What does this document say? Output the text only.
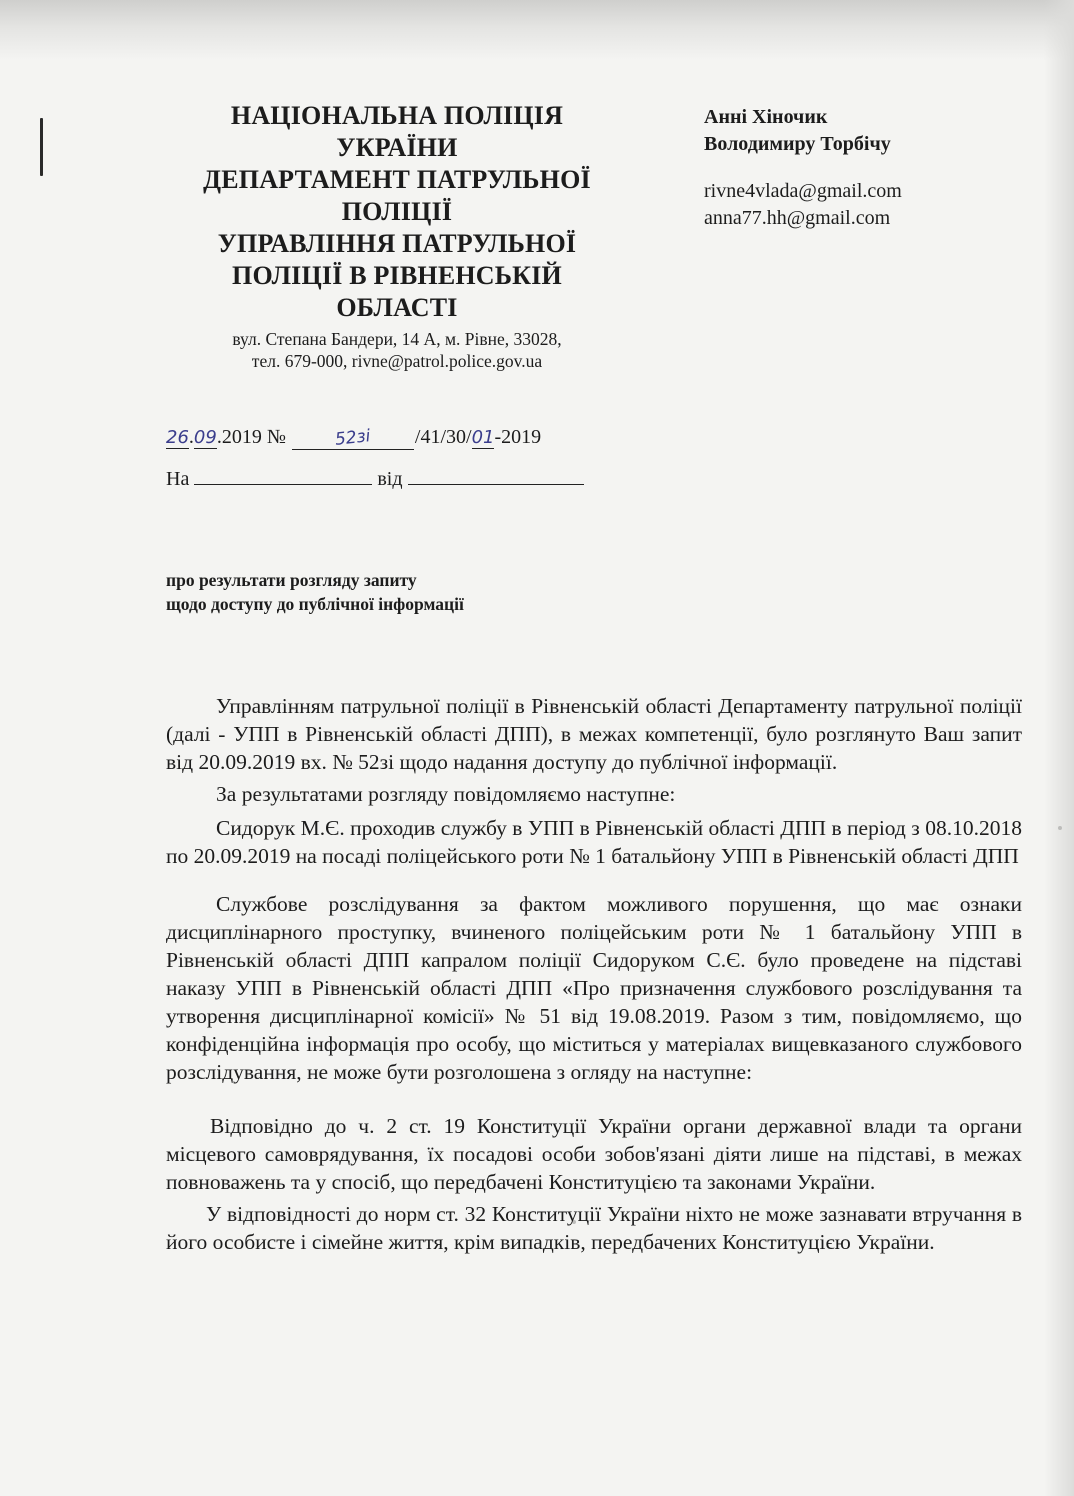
НАЦІОНАЛЬНА ПОЛІЦІЯ
УКРАЇНИ
ДЕПАРТАМЕНТ ПАТРУЛЬНОЇ
ПОЛІЦІЇ
УПРАВЛІННЯ ПАТРУЛЬНОЇ
ПОЛІЦІЇ В РІВНЕНСЬКІЙ
ОБЛАСТІ
вул. Степана Бандери, 14 А, м. Рівне, 33028,
тел. 679-000, rivne@patrol.police.gov.ua
Анні Хіночик
Володимиру Торбічу
rivne4vlada@gmail.com
anna77.hh@gmail.com
26.09.2019 №	52зі /41/30/01-2019
На	від
про результати розгляду запиту
щодо доступу до публічної інформації

Управлінням патрульної поліції в Рівненській області Департаменту патрульної поліції (далі - УПП в Рівненській області ДПП), в межах компетенції, було розглянуто Ваш запит від 20.09.2019 вх. № 52зі щодо надання доступу до публічної інформації.

За результатами розгляду повідомляємо наступне:

Сидорук М.Є. проходив службу в УПП в Рівненській області ДПП в період з 08.10.2018 по 20.09.2019 на посаді поліцейського роти № 1 батальйону УПП в Рівненській області ДПП

Службове розслідування за фактом можливого порушення, що має ознаки дисциплінарного проступку, вчиненого поліцейським роти № 1 батальйону УПП в Рівненській області ДПП капралом поліції Сидоруком С.Є. було проведене на підставі наказу УПП в Рівненській області ДПП «Про призначення службового розслідування та утворення дисциплінарної комісії» № 51 від 19.08.2019. Разом з тим, повідомляємо, що конфіденційна інформація про особу, що міститься у матеріалах вищевказаного службового розслідування, не може бути розголошена з огляду на наступне:

Відповідно до ч. 2 ст. 19 Конституції України органи державної влади та органи місцевого самоврядування, їх посадові особи зобов'язані діяти лише на підставі, в межах повноважень та у спосіб, що передбачені Конституцією та законами України.

У відповідності до норм ст. 32 Конституції України ніхто не може зазнавати втручання в його особисте і сімейне життя, крім випадків, передбачених Конституцією України.
